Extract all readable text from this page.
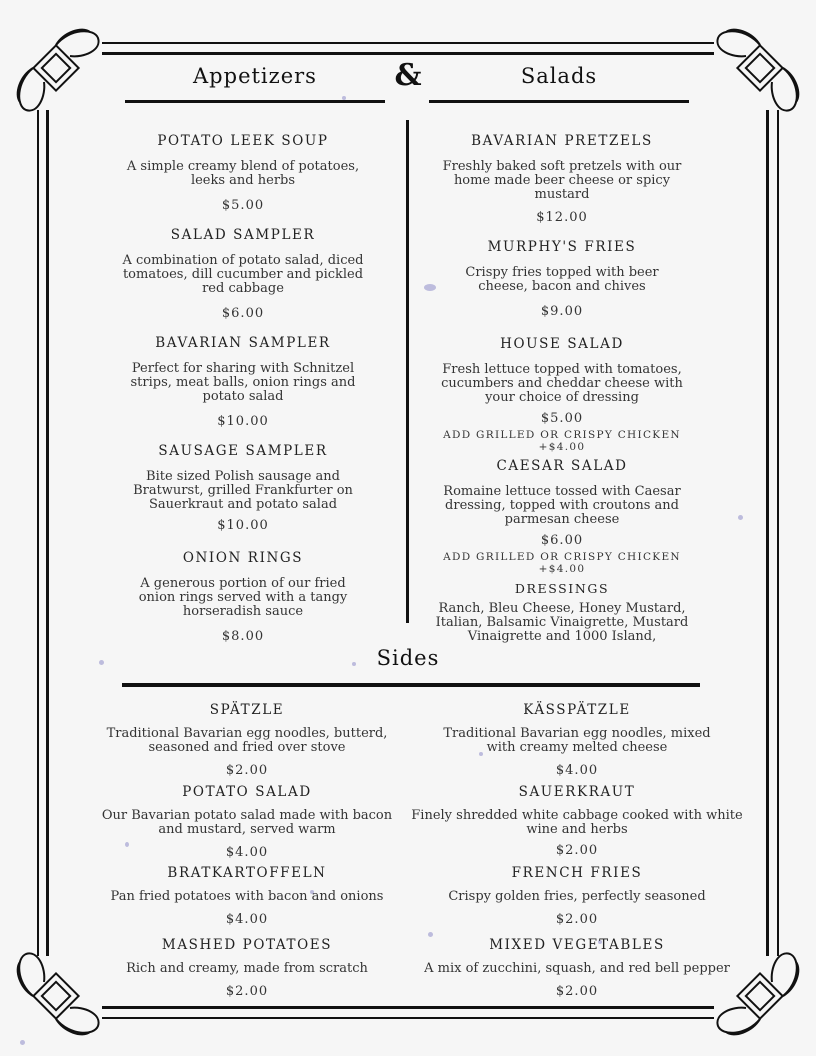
Appetizers	&	Salads
Sides
POTATO LEEK SOUP
A simple creamy blend of potatoes, leeks and herbs
$5.00
SALAD SAMPLER
A combination of potato salad, diced tomatoes, dill cucumber and pickled red cabbage
$6.00
BAVARIAN SAMPLER
Perfect for sharing with Schnitzel strips, meat balls, onion rings and potato salad
$10.00
SAUSAGE SAMPLER
Bite sized Polish sausage and Bratwurst, grilled Frankfurter on Sauerkraut and potato salad
$10.00
ONION RINGS
A generous portion of our fried onion rings served with a tangy horseradish sauce
$8.00
BAVARIAN PRETZELS
Freshly baked soft pretzels with our home made beer cheese or spicy mustard
$12.00
MURPHY'S FRIES
Crispy fries topped with beer cheese, bacon and chives
$9.00
HOUSE SALAD
Fresh lettuce topped with tomatoes, cucumbers and cheddar cheese with your choice of dressing
$5.00
ADD GRILLED OR CRISPY CHICKEN +$4.00
CAESAR SALAD
Romaine lettuce tossed with Caesar dressing, topped with croutons and parmesan cheese
$6.00
ADD GRILLED OR CRISPY CHICKEN +$4.00
DRESSINGS
Ranch, Bleu Cheese, Honey Mustard, Italian, Balsamic Vinaigrette, Mustard Vinaigrette and 1000 Island,
SPÄTZLE
Traditional Bavarian egg noodles, butterd, seasoned and fried over stove
$2.00
POTATO SALAD
Our Bavarian potato salad made with bacon and mustard, served warm
$4.00
BRATKARTOFFELN
Pan fried potatoes with bacon and onions
$4.00
MASHED POTATOES
Rich and creamy, made from scratch
$2.00
KÄSSPÄTZLE
Traditional Bavarian egg noodles, mixed with creamy melted cheese
$4.00
SAUERKRAUT
Finely shredded white cabbage cooked with white wine and herbs
$2.00
FRENCH FRIES
Crispy golden fries, perfectly seasoned
$2.00
MIXED VEGETABLES
A mix of zucchini, squash, and red bell pepper
$2.00
